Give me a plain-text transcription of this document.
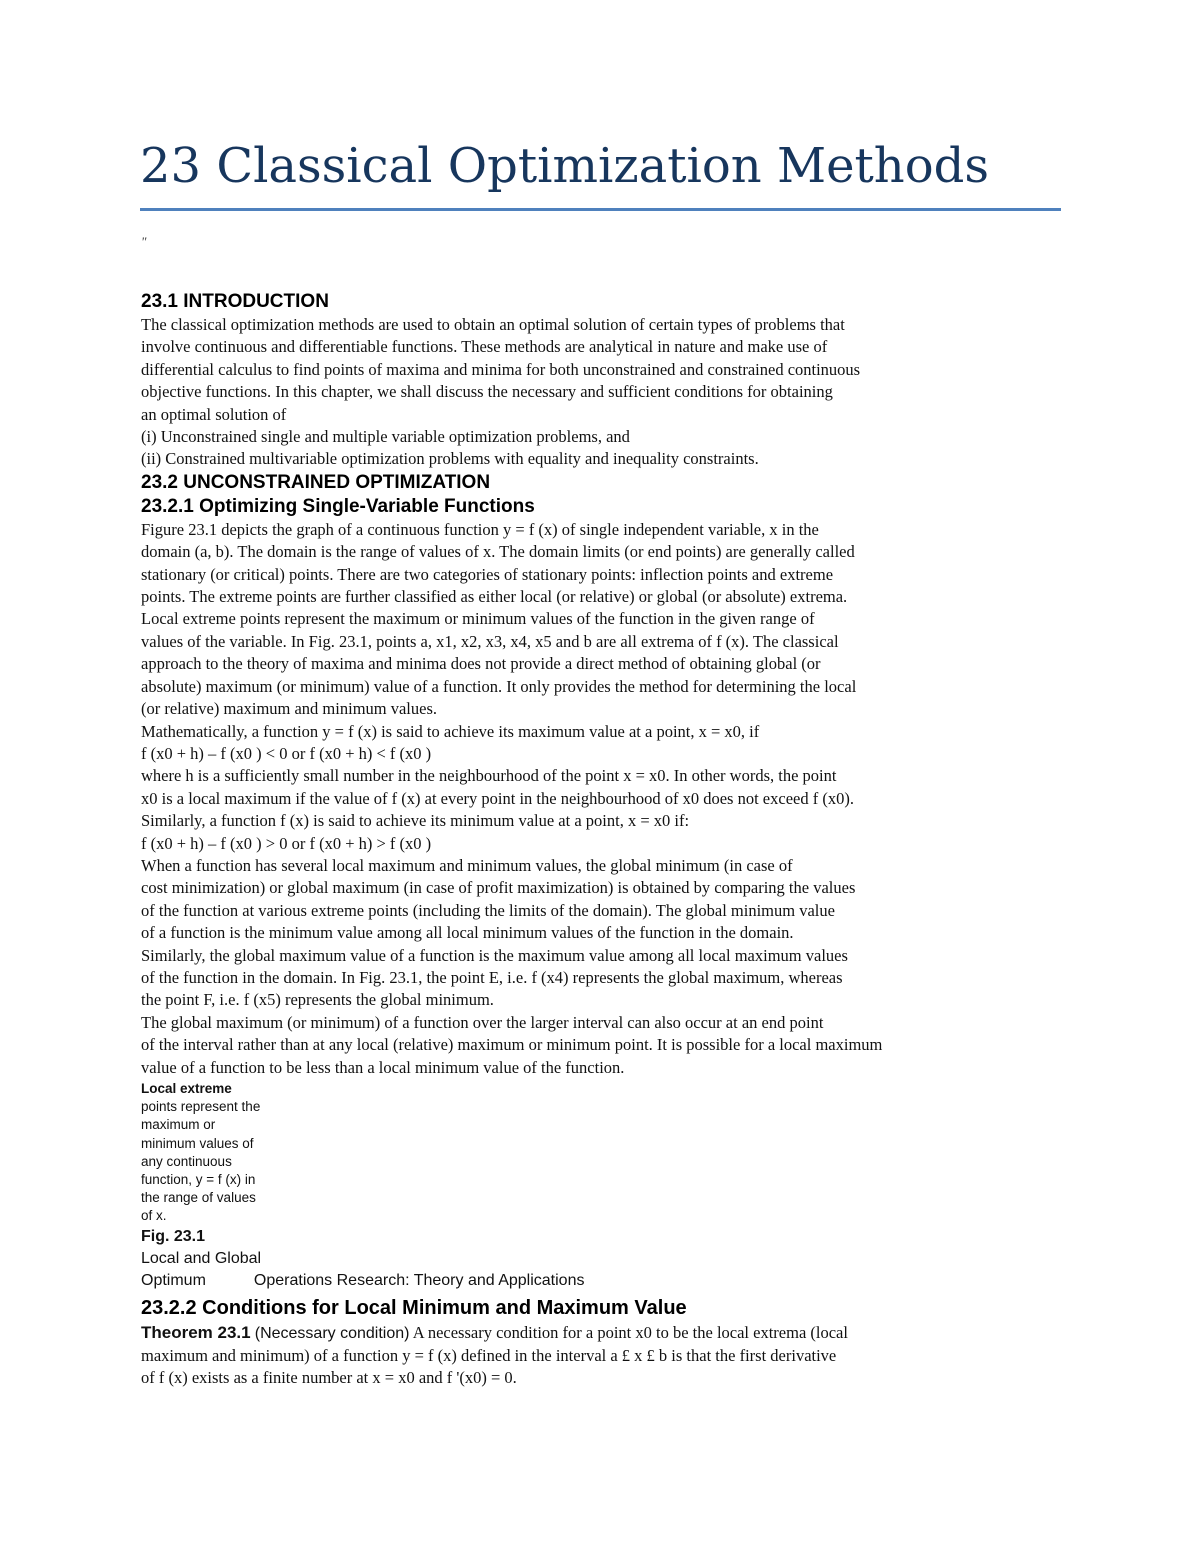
23 Classical Optimization Methods
"
23.1 INTRODUCTION
The classical optimization methods are used to obtain an optimal solution of certain types of problems that
involve continuous and differentiable functions. These methods are analytical in nature and make use of
differential calculus to find points of maxima and minima for both unconstrained and constrained continuous
objective functions. In this chapter, we shall discuss the necessary and sufficient conditions for obtaining
an optimal solution of
(i) Unconstrained single and multiple variable optimization problems, and
(ii) Constrained multivariable optimization problems with equality and inequality constraints.
23.2 UNCONSTRAINED OPTIMIZATION
23.2.1 Optimizing Single-Variable Functions
Figure 23.1 depicts the graph of a continuous function y = f (x) of single independent variable, x in the
domain (a, b). The domain is the range of values of x. The domain limits (or end points) are generally called
stationary (or critical) points. There are two categories of stationary points: inflection points and extreme
points. The extreme points are further classified as either local (or relative) or global (or absolute) extrema.
Local extreme points represent the maximum or minimum values of the function in the given range of
values of the variable. In Fig. 23.1, points a, x1, x2, x3, x4, x5 and b are all extrema of f (x). The classical
approach to the theory of maxima and minima does not provide a direct method of obtaining global (or
absolute) maximum (or minimum) value of a function. It only provides the method for determining the local
(or relative) maximum and minimum values.
Mathematically, a function y = f (x) is said to achieve its maximum value at a point, x = x0, if
f (x0 + h) – f (x0 ) < 0 or f (x0 + h) < f (x0 )
where h is a sufficiently small number in the neighbourhood of the point x = x0. In other words, the point
x0 is a local maximum if the value of f (x) at every point in the neighbourhood of x0 does not exceed f (x0).
Similarly, a function f (x) is said to achieve its minimum value at a point, x = x0 if:
f (x0 + h) – f (x0 ) > 0 or f (x0 + h) > f (x0 )
When a function has several local maximum and minimum values, the global minimum (in case of
cost minimization) or global maximum (in case of profit maximization) is obtained by comparing the values
of the function at various extreme points (including the limits of the domain). The global minimum value
of a function is the minimum value among all local minimum values of the function in the domain.
Similarly, the global maximum value of a function is the maximum value among all local maximum values
of the function in the domain. In Fig. 23.1, the point E, i.e. f (x4) represents the global maximum, whereas
the point F, i.e. f (x5) represents the global minimum.
The global maximum (or minimum) of a function over the larger interval can also occur at an end point
of the interval rather than at any local (relative) maximum or minimum point. It is possible for a local maximum
value of a function to be less than a local minimum value of the function.
Local extreme
points represent the
maximum or
minimum values of
any continuous
function, y = f (x) in
the range of values
of x.
Fig. 23.1
Local and Global
Optimum	Operations Research: Theory and Applications
23.2.2 Conditions for Local Minimum and Maximum Value
Theorem 23.1 (Necessary condition) A necessary condition for a point x0 to be the local extrema (local
maximum and minimum) of a function y = f (x) defined in the interval a £ x £ b is that the first derivative
of f (x) exists as a finite number at x = x0 and f '(x0) = 0.
